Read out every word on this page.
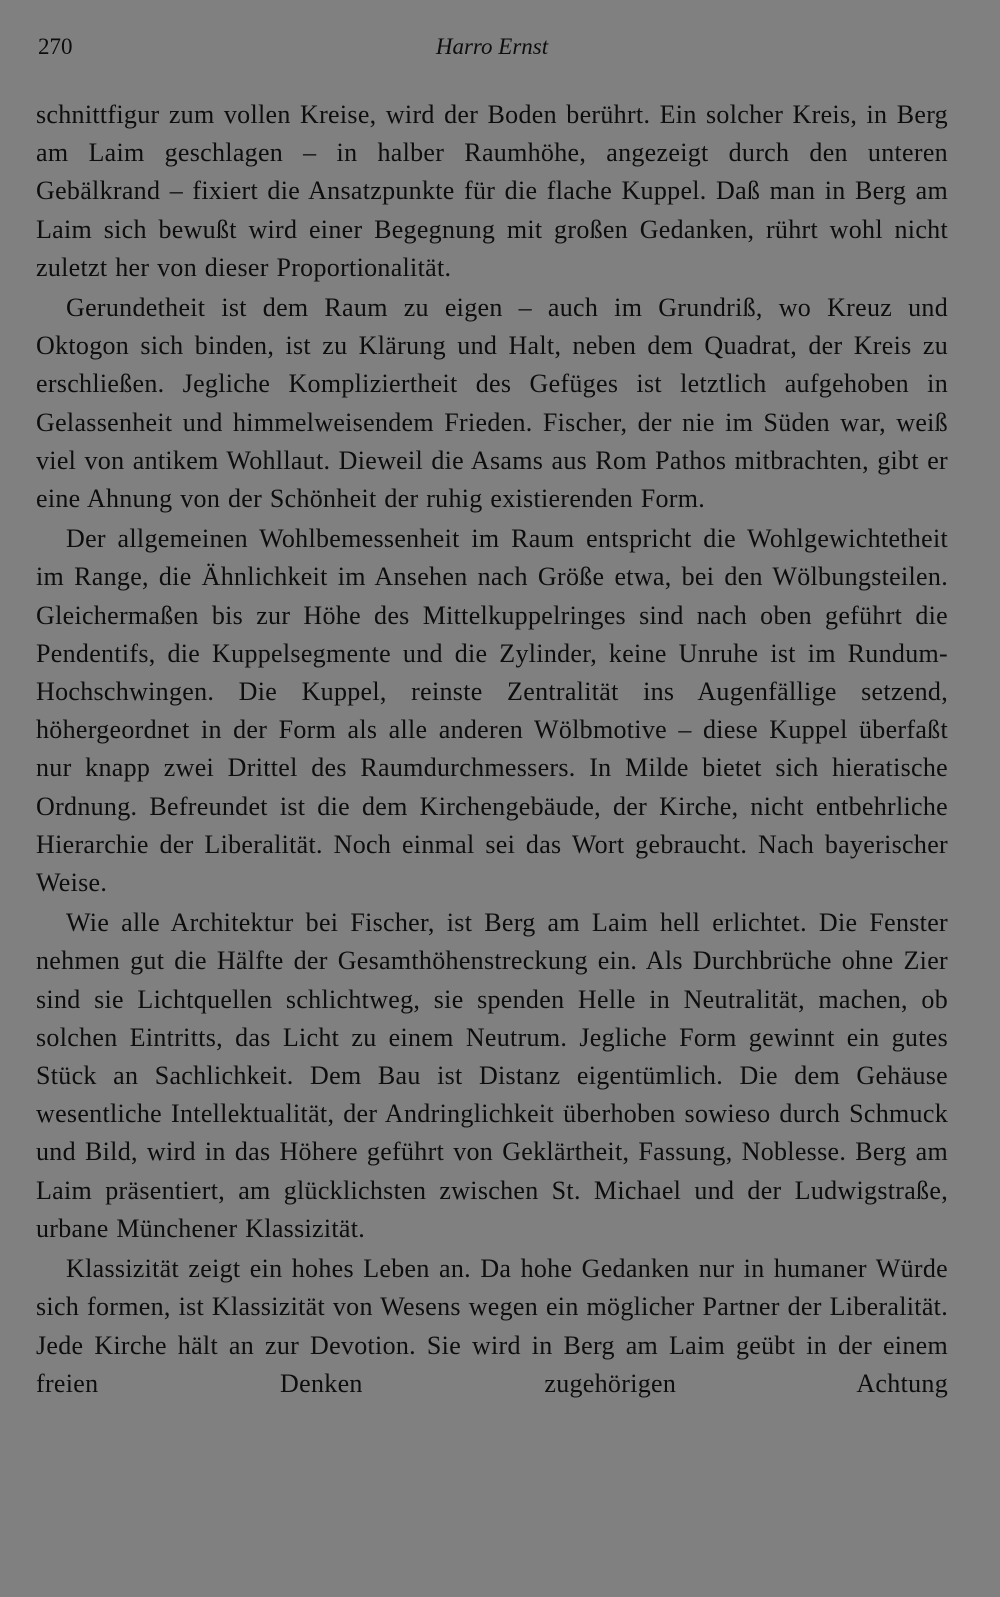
270	Harro Ernst

schnittfigur zum vollen Kreise, wird der Boden berührt. Ein solcher Kreis, in Berg am Laim geschlagen – in halber Raumhöhe, angezeigt durch den unteren Gebälkrand – fixiert die Ansatzpunkte für die flache Kuppel. Daß man in Berg am Laim sich bewußt wird einer Begegnung mit großen Gedanken, rührt wohl nicht zuletzt her von dieser Proportionalität.

Gerundetheit ist dem Raum zu eigen – auch im Grundriß, wo Kreuz und Oktogon sich binden, ist zu Klärung und Halt, neben dem Quadrat, der Kreis zu erschließen. Jegliche Kompliziertheit des Gefüges ist letztlich aufgehoben in Gelassenheit und himmelweisendem Frieden. Fischer, der nie im Süden war, weiß viel von antikem Wohllaut. Dieweil die Asams aus Rom Pathos mitbrachten, gibt er eine Ahnung von der Schönheit der ruhig existierenden Form.

Der allgemeinen Wohlbemessenheit im Raum entspricht die Wohlgewichtetheit im Range, die Ähnlichkeit im Ansehen nach Größe etwa, bei den Wölbungsteilen. Gleichermaßen bis zur Höhe des Mittelkuppelringes sind nach oben geführt die Pendentifs, die Kuppelsegmente und die Zylinder, keine Unruhe ist im Rundum-Hochschwingen. Die Kuppel, reinste Zentralität ins Augenfällige setzend, höhergeordnet in der Form als alle anderen Wölbmotive – diese Kuppel überfaßt nur knapp zwei Drittel des Raumdurchmessers. In Milde bietet sich hieratische Ordnung. Befreundet ist die dem Kirchengebäude, der Kirche, nicht entbehrliche Hierarchie der Liberalität. Noch einmal sei das Wort gebraucht. Nach bayerischer Weise.

Wie alle Architektur bei Fischer, ist Berg am Laim hell erlichtet. Die Fenster nehmen gut die Hälfte der Gesamthöhenstreckung ein. Als Durchbrüche ohne Zier sind sie Lichtquellen schlichtweg, sie spenden Helle in Neutralität, machen, ob solchen Eintritts, das Licht zu einem Neutrum. Jegliche Form gewinnt ein gutes Stück an Sachlichkeit. Dem Bau ist Distanz eigentümlich. Die dem Gehäuse wesentliche Intellektualität, der Andringlichkeit überhoben sowieso durch Schmuck und Bild, wird in das Höhere geführt von Geklärtheit, Fassung, Noblesse. Berg am Laim präsentiert, am glücklichsten zwischen St. Michael und der Ludwigstraße, urbane Münchener Klassizität.

Klassizität zeigt ein hohes Leben an. Da hohe Gedanken nur in humaner Würde sich formen, ist Klassizität von Wesens wegen ein möglicher Partner der Liberalität. Jede Kirche hält an zur Devotion. Sie wird in Berg am Laim geübt in der einem freien Denken zugehörigen Achtung
